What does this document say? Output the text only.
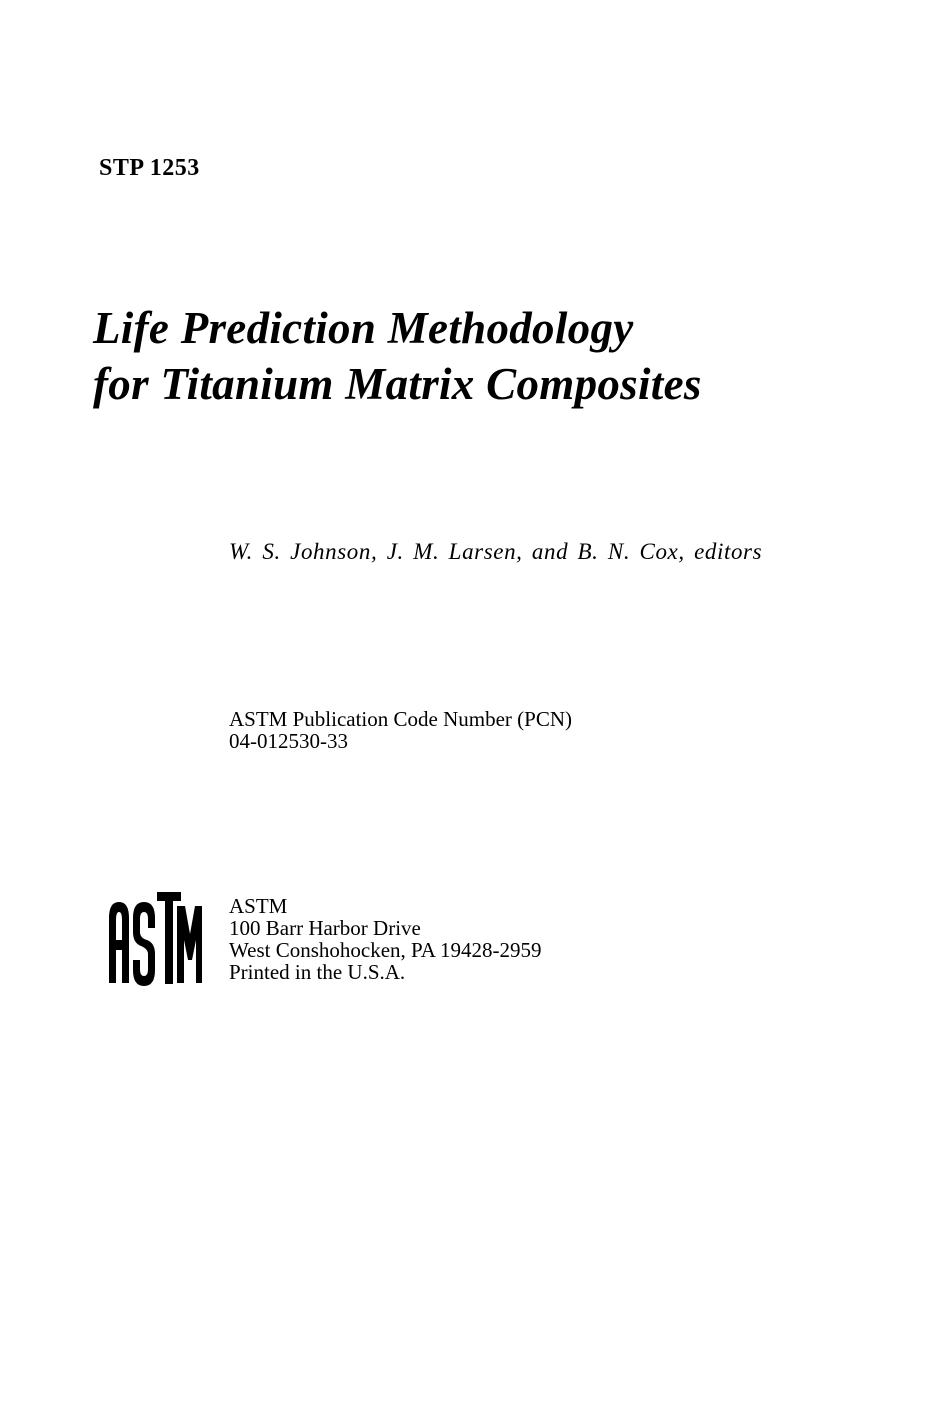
STP 1253

Life Prediction Methodology
for Titanium Matrix Composites
W. S. Johnson, J. M. Larsen, and B. N. Cox, editors
ASTM Publication Code Number (PCN)
04-012530-33
ASTM
100 Barr Harbor Drive
West Conshohocken, PA 19428-2959
Printed in the U.S.A.
